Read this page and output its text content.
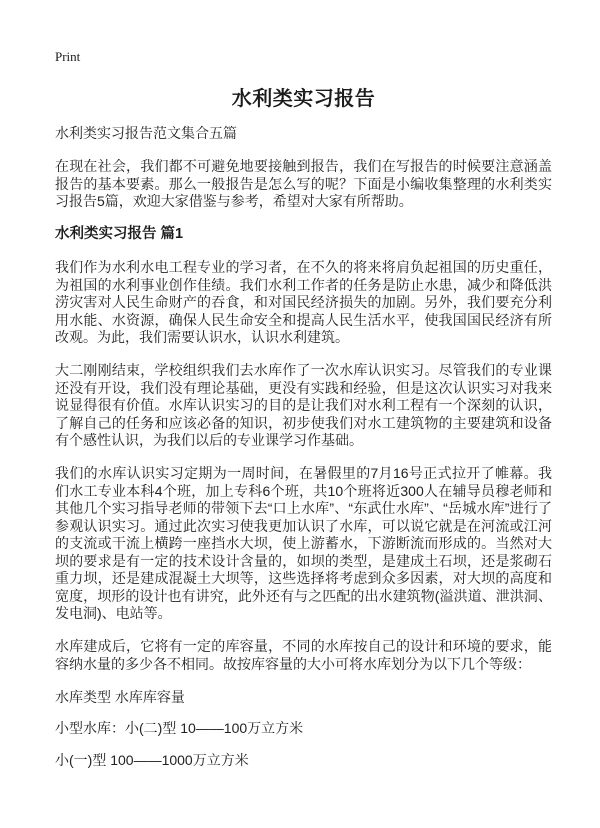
Print
水利类实习报告
水利类实习报告范文集合五篇

在现在社会，我们都不可避免地要接触到报告，我们在写报告的时候要注意涵盖报告的基本要素。那么一般报告是怎么写的呢？下面是小编收集整理的水利类实习报告5篇，欢迎大家借鉴与参考，希望对大家有所帮助。

水利类实习报告 篇1

我们作为水利水电工程专业的学习者，在不久的将来将肩负起祖国的历史重任，为祖国的水利事业创作佳绩。我们水利工作者的任务是防止水患，减少和降低洪涝灾害对人民生命财产的吞食，和对国民经济损失的加剧。另外，我们要充分利用水能、水资源，确保人民生命安全和提高人民生活水平，使我国国民经济有所改观。为此，我们需要认识水，认识水利建筑。

大二刚刚结束，学校组织我们去水库作了一次水库认识实习。尽管我们的专业课还没有开设，我们没有理论基础，更没有实践和经验，但是这次认识实习对我来说显得很有价值。水库认识实习的目的是让我们对水利工程有一个深刻的认识，了解自己的任务和应该必备的知识，初步使我们对水工建筑物的主要建筑和设备有个感性认识，为我们以后的专业课学习作基础。

我们的水库认识实习定期为一周时间，在暑假里的7月16号正式拉开了帷幕。我们水工专业本科4个班，加上专科6个班，共10个班将近300人在辅导员穆老师和其他几个实习指导老师的带领下去“口上水库”、“东武仕水库”、“岳城水库”进行了参观认识实习。通过此次实习使我更加认识了水库，可以说它就是在河流或江河的支流或干流上横跨一座挡水大坝，使上游蓄水，下游断流而形成的。当然对大坝的要求是有一定的技术设计含量的，如坝的类型，是建成土石坝，还是浆砌石重力坝，还是建成混凝土大坝等，这些选择将考虑到众多因素，对大坝的高度和宽度，坝形的设计也有讲究，此外还有与之匹配的出水建筑物(溢洪道、泄洪洞、发电洞)、电站等。

水库建成后，它将有一定的库容量，不同的水库按自己的设计和环境的要求，能容纳水量的多少各不相同。故按库容量的大小可将水库划分为以下几个等级：

水库类型 水库库容量

小型水库：小(二)型 10——100万立方米

小(一)型 100——1000万立方米
